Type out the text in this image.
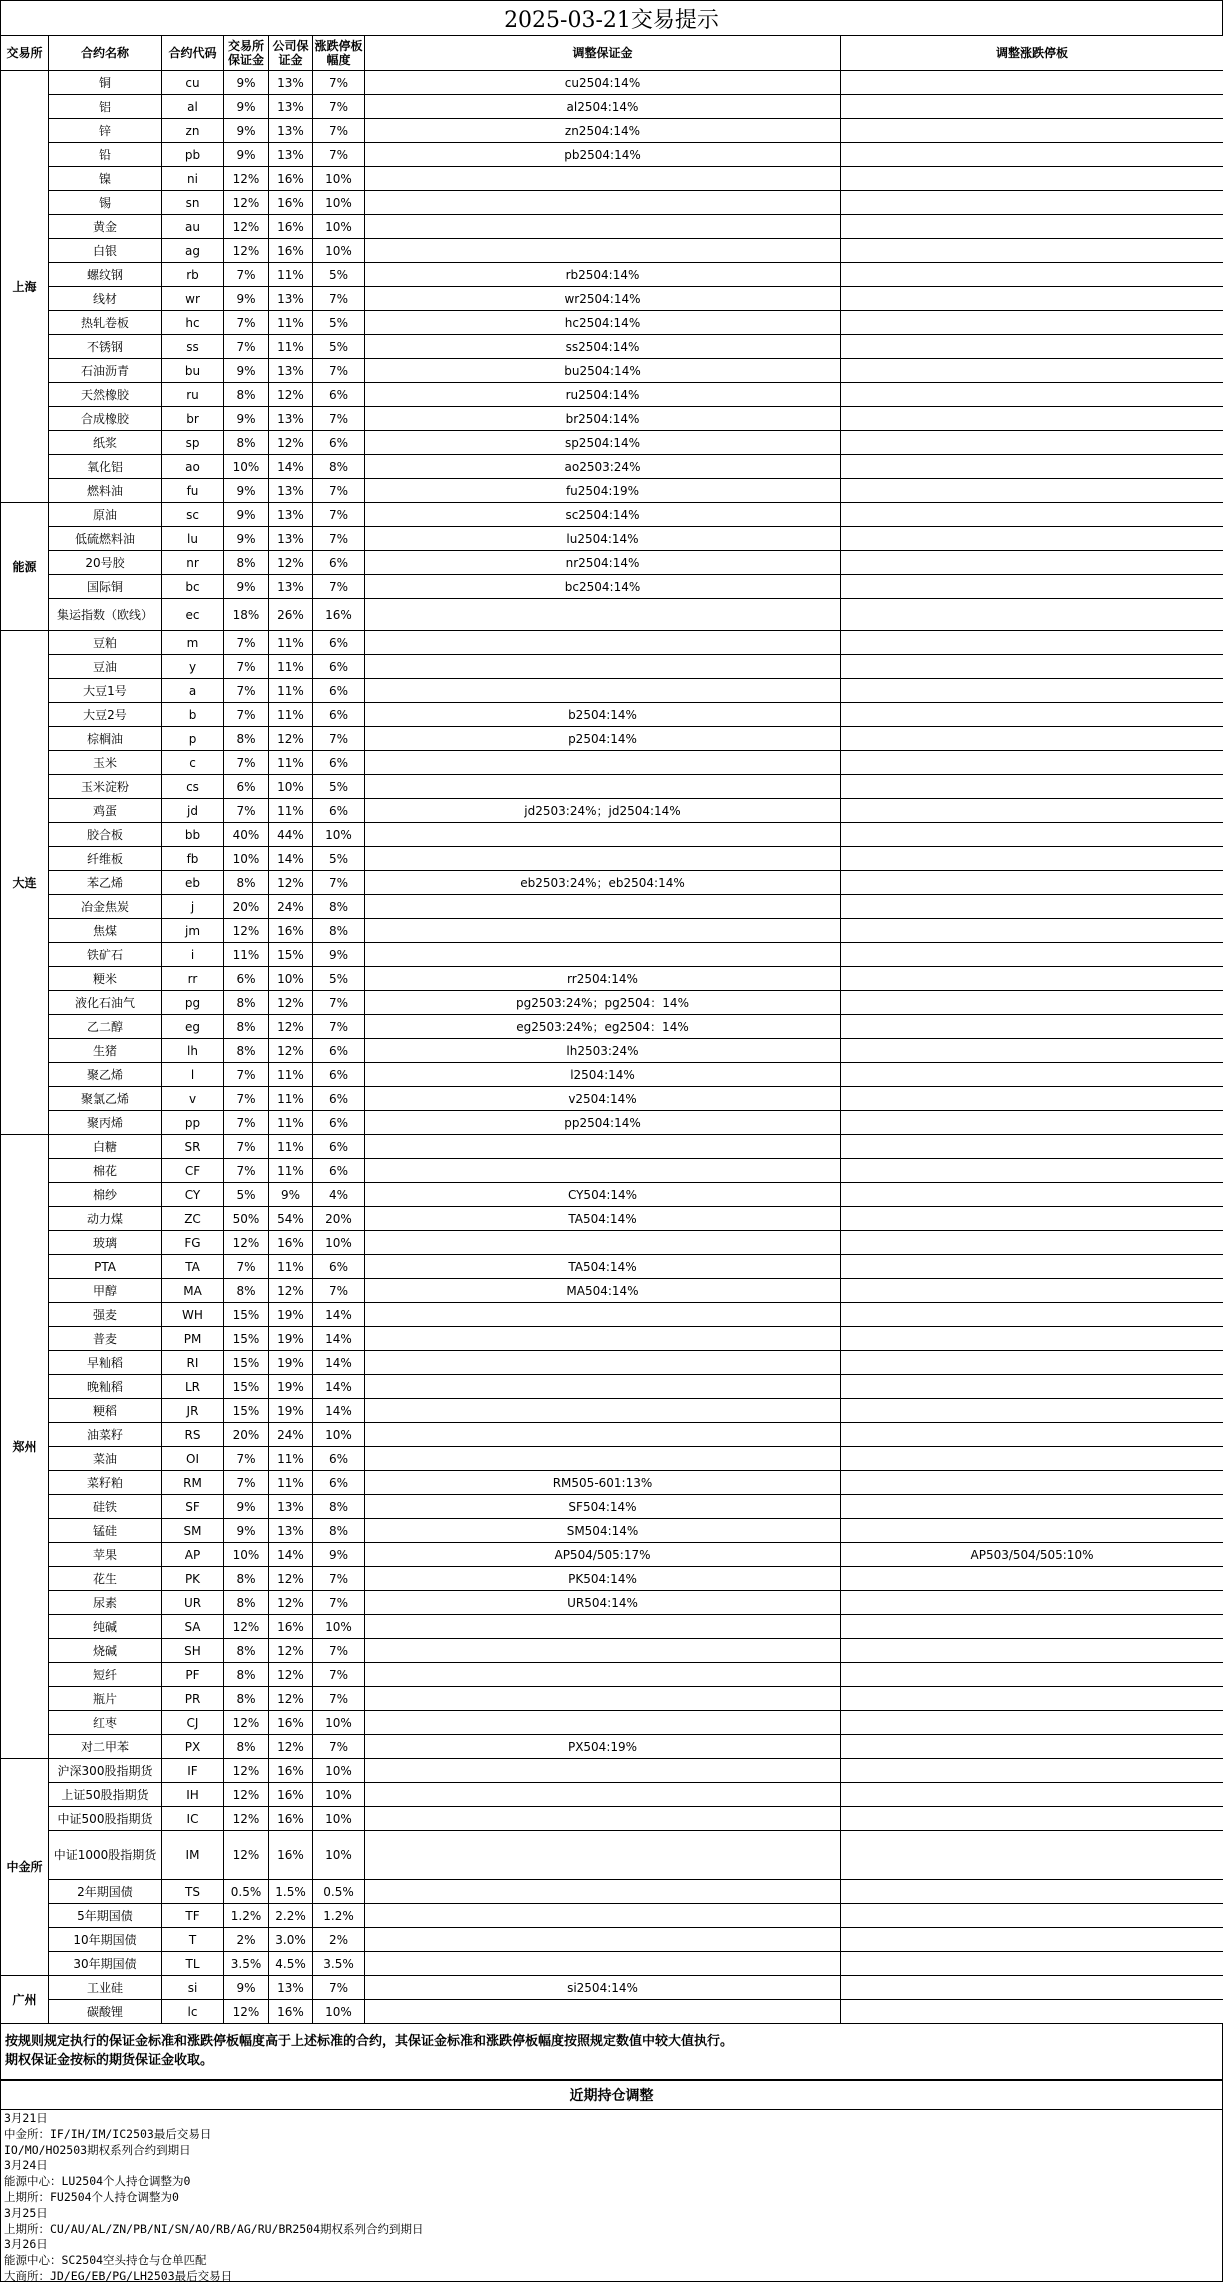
2025-03-21交易提示
交易所	合约名称	合约代码	交易所保证金	公司保证金	涨跌停板幅度	调整保证金	调整涨跌停板
上海	铜	cu	9%	13%	7%	cu2504:14%	
	铝	al	9%	13%	7%	al2504:14%	
	锌	zn	9%	13%	7%	zn2504:14%	
	铅	pb	9%	13%	7%	pb2504:14%	
	镍	ni	12%	16%	10%		
	锡	sn	12%	16%	10%		
	黄金	au	12%	16%	10%		
	白银	ag	12%	16%	10%		
	螺纹钢	rb	7%	11%	5%	rb2504:14%	
	线材	wr	9%	13%	7%	wr2504:14%	
	热轧卷板	hc	7%	11%	5%	hc2504:14%	
	不锈钢	ss	7%	11%	5%	ss2504:14%	
	石油沥青	bu	9%	13%	7%	bu2504:14%	
	天然橡胶	ru	8%	12%	6%	ru2504:14%	
	合成橡胶	br	9%	13%	7%	br2504:14%	
	纸浆	sp	8%	12%	6%	sp2504:14%	
	氧化铝	ao	10%	14%	8%	ao2503:24%	
	燃料油	fu	9%	13%	7%	fu2504:19%	
能源	原油	sc	9%	13%	7%	sc2504:14%	
	低硫燃料油	lu	9%	13%	7%	lu2504:14%	
	20号胶	nr	8%	12%	6%	nr2504:14%	
	国际铜	bc	9%	13%	7%	bc2504:14%	
	集运指数（欧线）	ec	18%	26%	16%		
大连	豆粕	m	7%	11%	6%		
	豆油	y	7%	11%	6%		
	大豆1号	a	7%	11%	6%		
	大豆2号	b	7%	11%	6%	b2504:14%	
	棕榈油	p	8%	12%	7%	p2504:14%	
	玉米	c	7%	11%	6%		
	玉米淀粉	cs	6%	10%	5%		
	鸡蛋	jd	7%	11%	6%	jd2503:24%；jd2504:14%	
	胶合板	bb	40%	44%	10%		
	纤维板	fb	10%	14%	5%		
	苯乙烯	eb	8%	12%	7%	eb2503:24%；eb2504:14%	
	冶金焦炭	j	20%	24%	8%		
	焦煤	jm	12%	16%	8%		
	铁矿石	i	11%	15%	9%		
	粳米	rr	6%	10%	5%	rr2504:14%	
	液化石油气	pg	8%	12%	7%	pg2503:24%；pg2504：14%	
	乙二醇	eg	8%	12%	7%	eg2503:24%；eg2504：14%	
	生猪	lh	8%	12%	6%	lh2503:24%	
	聚乙烯	l	7%	11%	6%	l2504:14%	
	聚氯乙烯	v	7%	11%	6%	v2504:14%	
	聚丙烯	pp	7%	11%	6%	pp2504:14%	
郑州	白糖	SR	7%	11%	6%		
	棉花	CF	7%	11%	6%		
	棉纱	CY	5%	9%	4%	CY504:14%	
	动力煤	ZC	50%	54%	20%	TA504:14%	
	玻璃	FG	12%	16%	10%		
	PTA	TA	7%	11%	6%	TA504:14%	
	甲醇	MA	8%	12%	7%	MA504:14%	
	强麦	WH	15%	19%	14%		
	普麦	PM	15%	19%	14%		
	早籼稻	RI	15%	19%	14%		
	晚籼稻	LR	15%	19%	14%		
	粳稻	JR	15%	19%	14%		
	油菜籽	RS	20%	24%	10%		
	菜油	OI	7%	11%	6%		
	菜籽粕	RM	7%	11%	6%	RM505-601:13%	
	硅铁	SF	9%	13%	8%	SF504:14%	
	锰硅	SM	9%	13%	8%	SM504:14%	
	苹果	AP	10%	14%	9%	AP504/505:17%	AP503/504/505:10%
	花生	PK	8%	12%	7%	PK504:14%	
	尿素	UR	8%	12%	7%	UR504:14%	
	纯碱	SA	12%	16%	10%		
	烧碱	SH	8%	12%	7%		
	短纤	PF	8%	12%	7%		
	瓶片	PR	8%	12%	7%		
	红枣	CJ	12%	16%	10%		
	对二甲苯	PX	8%	12%	7%	PX504:19%	
中金所	沪深300股指期货	IF	12%	16%	10%		
	上证50股指期货	IH	12%	16%	10%		
	中证500股指期货	IC	12%	16%	10%		
	中证1000股指期货	IM	12%	16%	10%		
	2年期国债	TS	0.5%	1.5%	0.5%		
	5年期国债	TF	1.2%	2.2%	1.2%		
	10年期国债	T	2%	3.0%	2%		
	30年期国债	TL	3.5%	4.5%	3.5%		
广州	工业硅	si	9%	13%	7%	si2504:14%	
	碳酸锂	lc	12%	16%	10%		
按规则规定执行的保证金标准和涨跌停板幅度高于上述标准的合约，其保证金标准和涨跌停板幅度按照规定数值中较大值执行。
期权保证金按标的期货保证金收取。
近期持仓调整
3月21日
中金所：IF/IH/IM/IC2503最后交易日
IO/MO/HO2503期权系列合约到期日
3月24日
能源中心：LU2504个人持仓调整为0
上期所：FU2504个人持仓调整为0
3月25日
上期所：CU/AU/AL/ZN/PB/NI/SN/AO/RB/AG/RU/BR2504期权系列合约到期日
3月26日
能源中心：SC2504空头持仓与仓单匹配
大商所：JD/EG/EB/PG/LH2503最后交易日
